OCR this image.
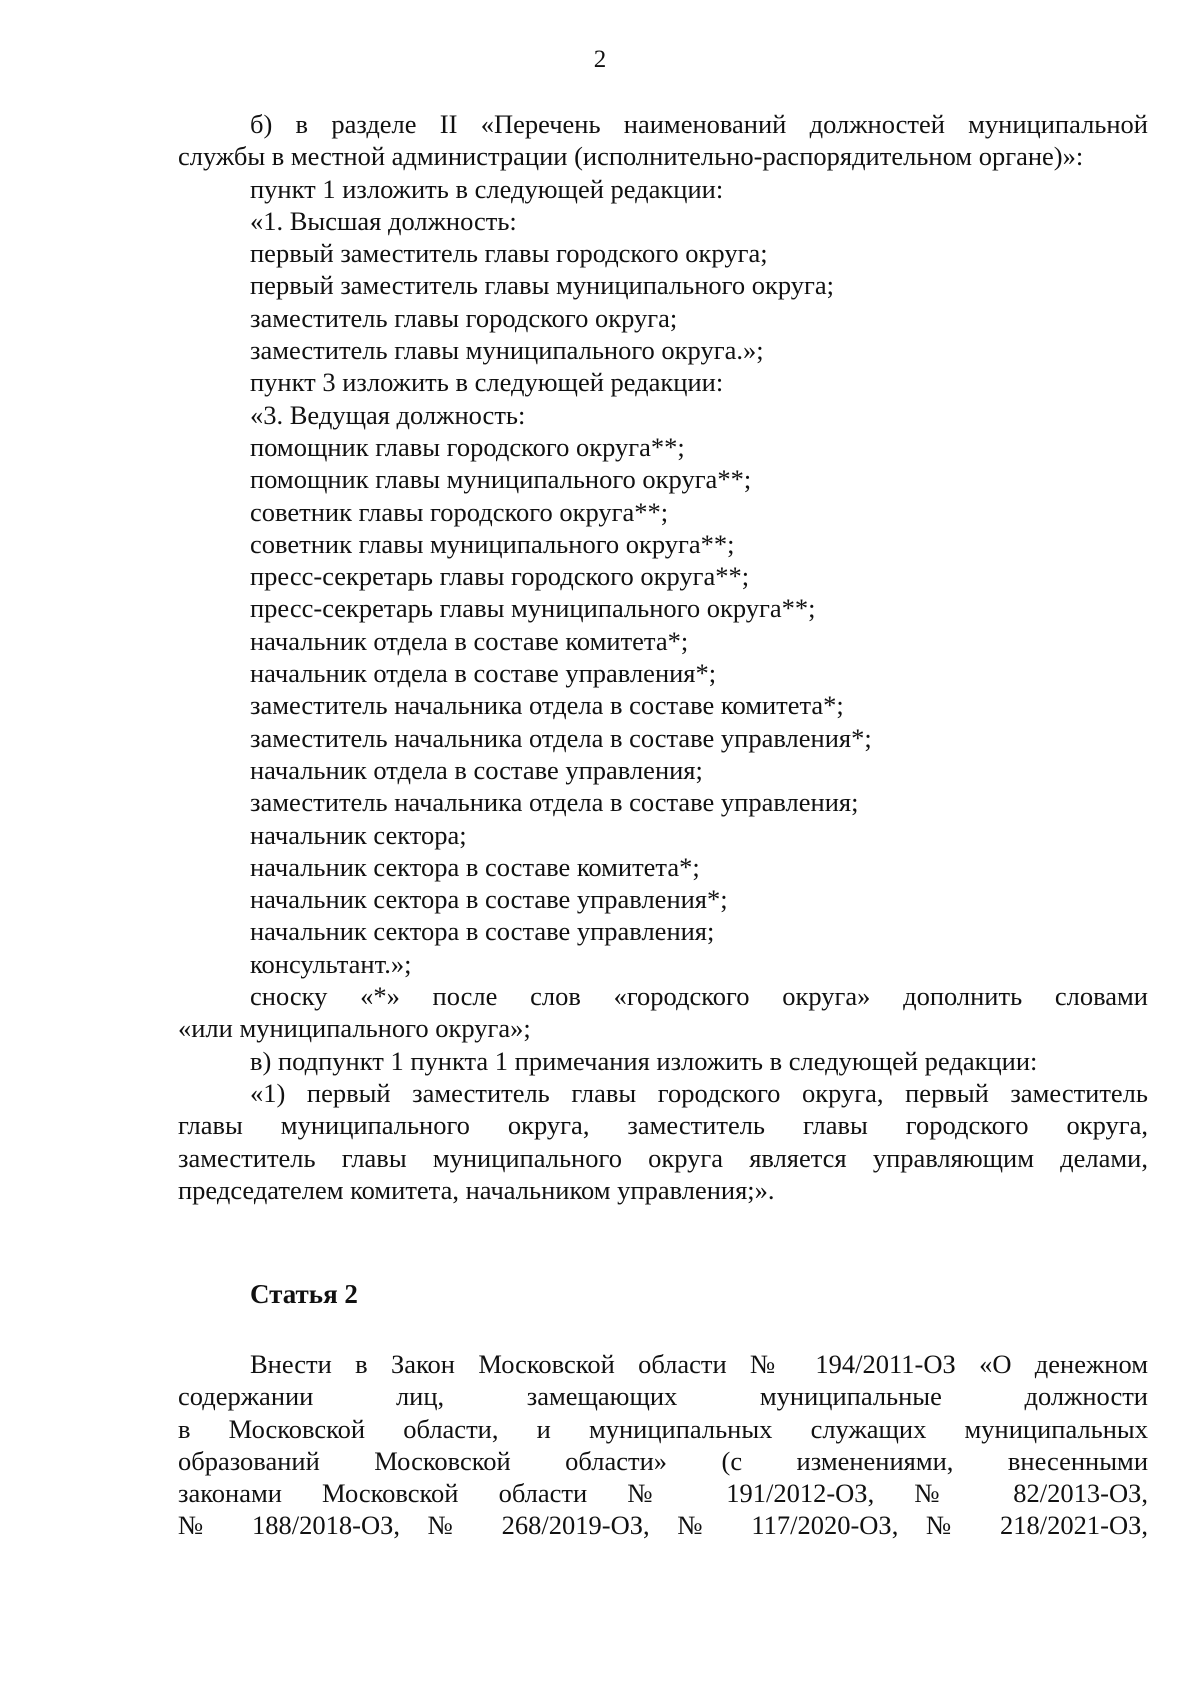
2

б) в разделе II «Перечень наименований должностей муниципальной
службы в местной администрации (исполнительно-распорядительном органе)»:

пункт 1 изложить в следующей редакции:

«1. Высшая должность:

первый заместитель главы городского округа;

первый заместитель главы муниципального округа;

заместитель главы городского округа;

заместитель главы муниципального округа.»;

пункт 3 изложить в следующей редакции:

«3. Ведущая должность:

помощник главы городского округа**;

помощник главы муниципального округа**;

советник главы городского округа**;

советник главы муниципального округа**;

пресс-секретарь главы городского округа**;

пресс-секретарь главы муниципального округа**;

начальник отдела в составе комитета*;

начальник отдела в составе управления*;

заместитель начальника отдела в составе комитета*;

заместитель начальника отдела в составе управления*;

начальник отдела в составе управления;

заместитель начальника отдела в составе управления;

начальник сектора;

начальник сектора в составе комитета*;

начальник сектора в составе управления*;

начальник сектора в составе управления;

консультант.»;

сноску «*» после слов «городского округа» дополнить словами
«или муниципального округа»;

в) подпункт 1 пункта 1 примечания изложить в следующей редакции:

«1) первый заместитель главы городского округа, первый заместитель
главы муниципального округа, заместитель главы городского округа,
заместитель главы муниципального округа является управляющим делами,
председателем комитета, начальником управления;».

Статья 2
Внести в Закон Московской области № 194/2011-ОЗ «О денежном
содержании лиц, замещающих муниципальные должности
в Московской области, и муниципальных служащих муниципальных
образований Московской области» (с изменениями, внесенными
законами Московской области № 191/2012-ОЗ, № 82/2013-ОЗ,
№ 188/2018-ОЗ, № 268/2019-ОЗ, № 117/2020-ОЗ, № 218/2021-ОЗ,
